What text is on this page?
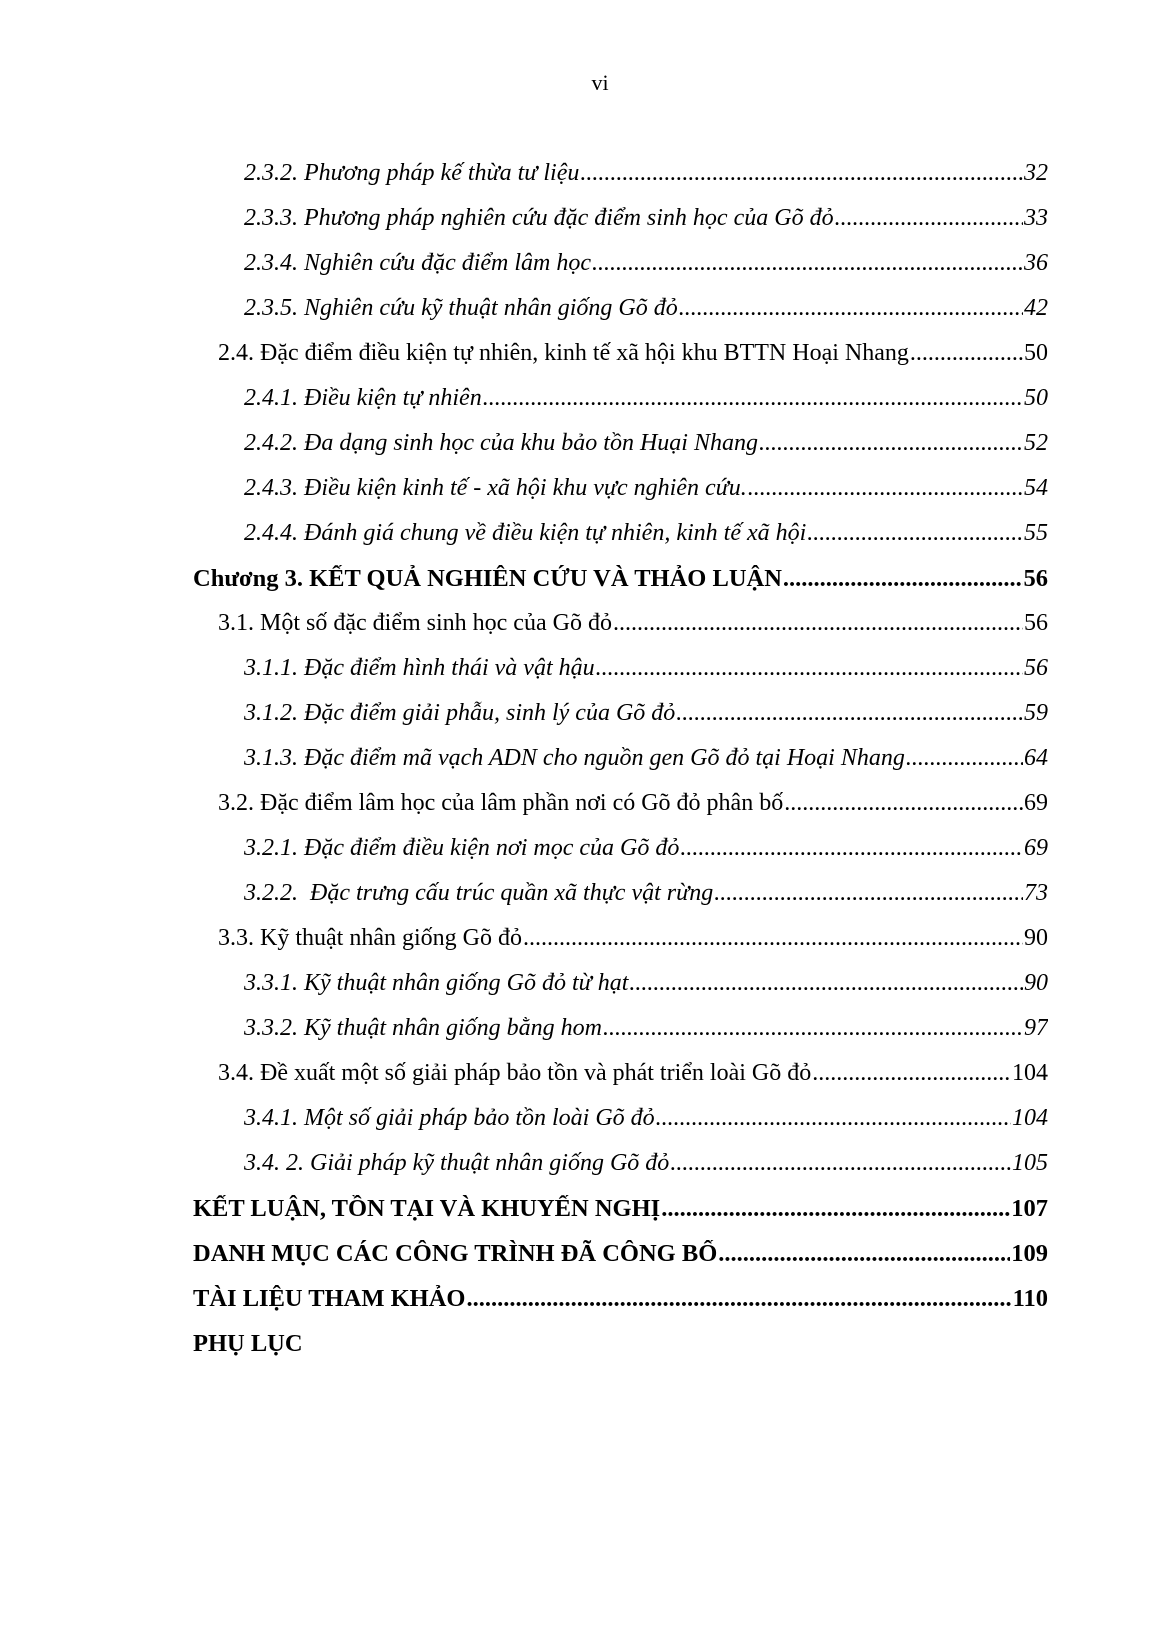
vi
2.3.2. Phương pháp kế thừa tư liệu .....	32
2.3.3. Phương pháp nghiên cứu đặc điểm sinh học của Gõ đỏ .....	33
2.3.4. Nghiên cứu đặc điểm lâm học .....	36
2.3.5. Nghiên cứu kỹ thuật nhân giống Gõ đỏ .....	42
2.4. Đặc điểm điều kiện tự nhiên, kinh tế xã hội khu BTTN Hoại Nhang .....	50
2.4.1. Điều kiện tự nhiên .....	50
2.4.2. Đa dạng sinh học của khu bảo tồn Huại Nhang .....	52
2.4.3. Điều kiện kinh tế - xã hội khu vực nghiên cứu. .....	54
2.4.4. Đánh giá chung về điều kiện tự nhiên, kinh tế xã hội .....	55
Chương 3. KẾT QUẢ NGHIÊN CỨU VÀ THẢO LUẬN .....	56
3.1. Một số đặc điểm sinh học của Gõ đỏ .....	56
3.1.1. Đặc điểm hình thái và vật hậu .....	56
3.1.2. Đặc điểm giải phẫu, sinh lý của Gõ đỏ .....	59
3.1.3. Đặc điểm mã vạch ADN cho nguồn gen Gõ đỏ tại Hoại Nhang .....	64
3.2. Đặc điểm lâm học của lâm phần nơi có Gõ đỏ phân bố .....	69
3.2.1. Đặc điểm điều kiện nơi mọc của Gõ đỏ .....	69
3.2.2.  Đặc trưng cấu trúc quần xã thực vật rừng .....	73
3.3. Kỹ thuật nhân giống Gõ đỏ .....	90
3.3.1. Kỹ thuật nhân giống Gõ đỏ từ hạt .....	90
3.3.2. Kỹ thuật nhân giống bằng hom .....	97
3.4. Đề xuất một số giải pháp bảo tồn và phát triển loài Gõ đỏ .....	104
3.4.1. Một số giải pháp bảo tồn loài Gõ đỏ .....	104
3.4. 2. Giải pháp kỹ thuật nhân giống Gõ đỏ .....	105
KẾT LUẬN, TỒN TẠI VÀ KHUYẾN NGHỊ .....	107
DANH MỤC CÁC CÔNG TRÌNH ĐÃ CÔNG BỐ .....	109
TÀI LIỆU THAM KHẢO .....	110
PHỤ LỤC
